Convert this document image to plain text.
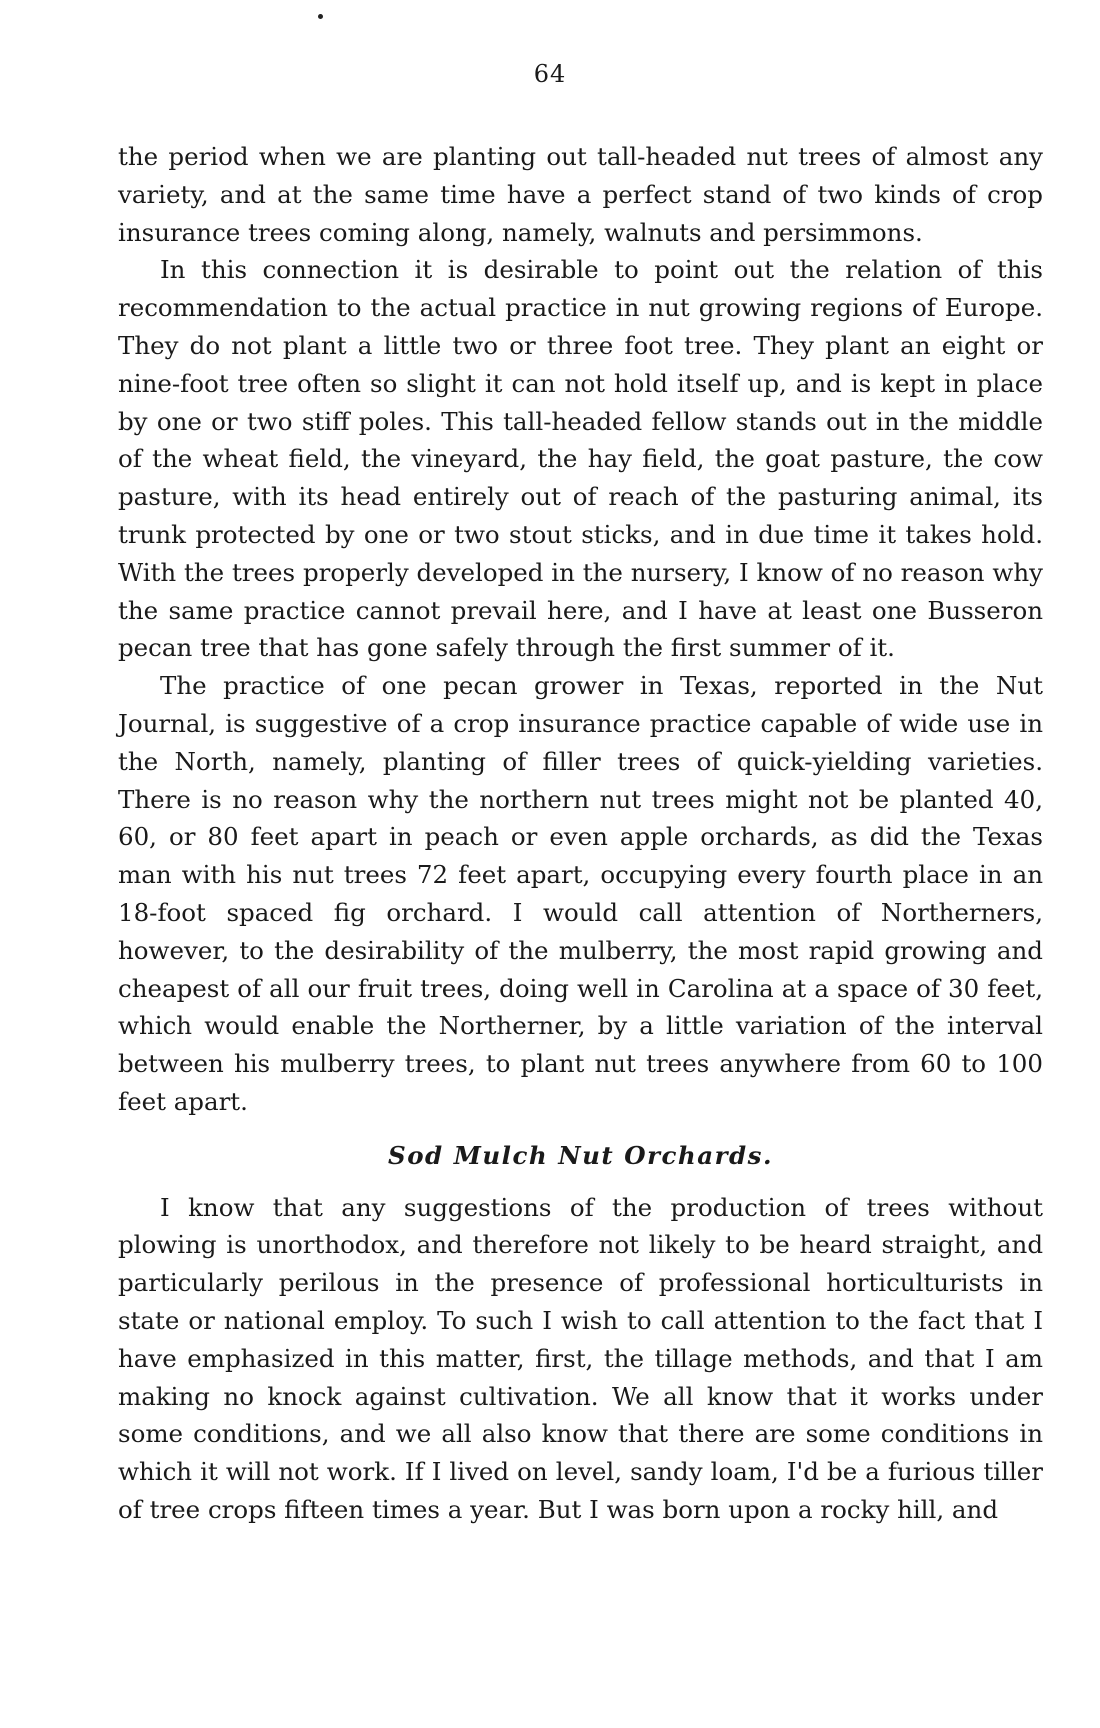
64

the period when we are planting out tall-headed nut trees of almost any variety, and at the same time have a perfect stand of two kinds of crop insurance trees coming along, namely, walnuts and persimmons.

In this connection it is desirable to point out the relation of this recommendation to the actual practice in nut growing regions of Europe. They do not plant a little two or three foot tree. They plant an eight or nine-foot tree often so slight it can not hold itself up, and is kept in place by one or two stiff poles. This tall-headed fellow stands out in the middle of the wheat field, the vineyard, the hay field, the goat pasture, the cow pasture, with its head entirely out of reach of the pasturing animal, its trunk protected by one or two stout sticks, and in due time it takes hold. With the trees properly developed in the nursery, I know of no reason why the same practice cannot prevail here, and I have at least one Busseron pecan tree that has gone safely through the first summer of it.

The practice of one pecan grower in Texas, reported in the Nut Journal, is suggestive of a crop insurance practice capable of wide use in the North, namely, planting of filler trees of quick-yielding varieties. There is no reason why the northern nut trees might not be planted 40, 60, or 80 feet apart in peach or even apple orchards, as did the Texas man with his nut trees 72 feet apart, occupying every fourth place in an 18-foot spaced fig orchard. I would call attention of Northerners, however, to the desirability of the mulberry, the most rapid growing and cheapest of all our fruit trees, doing well in Carolina at a space of 30 feet, which would enable the Northerner, by a little variation of the interval between his mulberry trees, to plant nut trees anywhere from 60 to 100 feet apart.

Sod Mulch Nut Orchards.

I know that any suggestions of the production of trees without plowing is unorthodox, and therefore not likely to be heard straight, and particularly perilous in the presence of professional horticulturists in state or national employ. To such I wish to call attention to the fact that I have emphasized in this matter, first, the tillage methods, and that I am making no knock against cultivation. We all know that it works under some conditions, and we all also know that there are some conditions in which it will not work. If I lived on level, sandy loam, I'd be a furious tiller of tree crops fifteen times a year. But I was born upon a rocky hill, and
